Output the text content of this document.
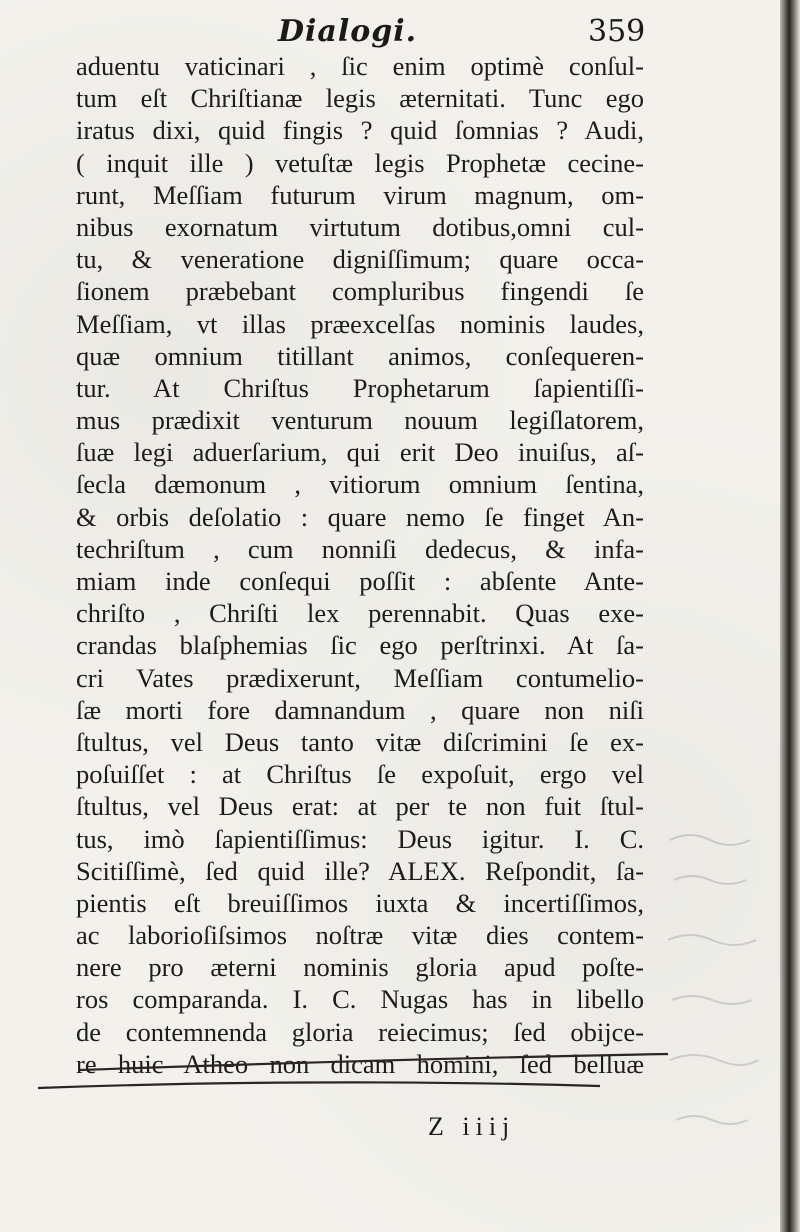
Dialogi.	359
aduentu vaticinari , ſic enim optimè conſul-
tum eſt Chriſtianæ legis æternitati. Tunc ego
iratus dixi, quid fingis ? quid ſomnias ? Audi,
( inquit ille ) vetuſtæ legis Prophetæ cecine-
runt, Meſſiam futurum virum magnum, om-
nibus exornatum virtutum dotibus,omni cul-
tu, & veneratione digniſſimum; quare occa-
ſionem præbebant compluribus fingendi ſe
Meſſiam, vt illas præexcelſas nominis laudes,
quæ omnium titillant animos, conſequeren-
tur. At Chriſtus Prophetarum ſapientiſſi-
mus prædixit venturum nouum legiſlatorem,
ſuæ legi aduerſarium, qui erit Deo inuiſus, aſ-
ſecla dæmonum , vitiorum omnium ſentina,
& orbis deſolatio : quare nemo ſe finget An-
techriſtum , cum nonniſi dedecus, & infa-
miam inde conſequi poſſit : abſente Ante-
chriſto , Chriſti lex perennabit. Quas exe-
crandas blaſphemias ſic ego perſtrinxi. At ſa-
cri Vates prædixerunt, Meſſiam contumelio-
ſæ morti fore damnandum , quare non niſi
ſtultus, vel Deus tanto vitæ diſcrimini ſe ex-
poſuiſſet : at Chriſtus ſe expoſuit, ergo vel
ſtultus, vel Deus erat: at per te non fuit ſtul-
tus, imò ſapientiſſimus: Deus igitur. I. C.
Scitiſſimè, ſed quid ille? ALEX. Reſpondit, ſa-
pientis eſt breuiſſimos iuxta & incertiſſimos,
ac laborioſiſsimos noſtræ vitæ dies contem-
nere pro æterni nominis gloria apud poſte-
ros comparanda. I. C. Nugas has in libello
de contemnenda gloria reiecimus; ſed obijce-
re huic Atheo non dicam homini, ſed belluæ
Z iiij
